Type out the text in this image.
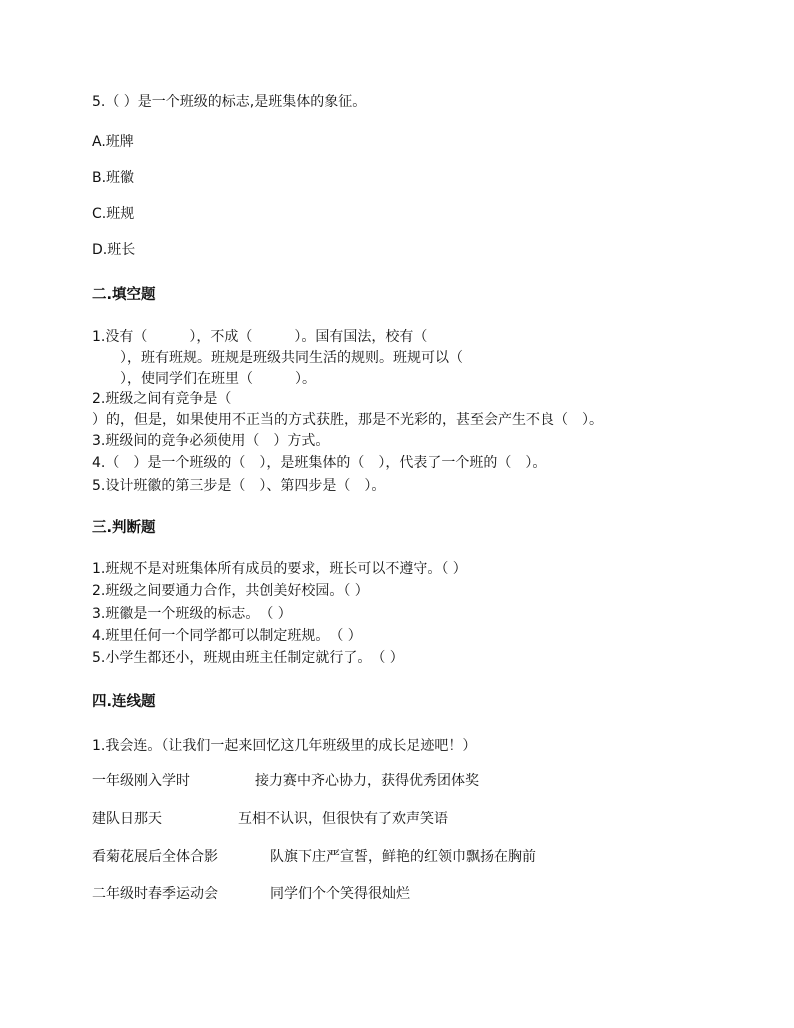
5.（ ）是一个班级的标志,是班集体的象征。
A.班牌
B.班徽
C.班规
D.班长
二.填空题
1.没有（　　　），不成（　　　）。国有国法，校有（
　　），班有班规。班规是班级共同生活的规则。班规可以（
　　），使同学们在班里（　　　）。
2.班级之间有竞争是（
）的，但是，如果使用不正当的方式获胜，那是不光彩的，甚至会产生不良（　）。
3.班级间的竞争必须使用（　）方式。
4.（　）是一个班级的（　），是班集体的（　），代表了一个班的（　）。
5.设计班徽的第三步是（　）、第四步是（　）。
三.判断题
1.班规不是对班集体所有成员的要求，班长可以不遵守。（ ）
2.班级之间要通力合作，共创美好校园。（ ）
3.班徽是一个班级的标志。　（ ）
4.班里任何一个同学都可以制定班规。　（ ）
5.小学生都还小，班规由班主任制定就行了。　（ ）
四.连线题
1.我会连。（让我们一起来回忆这几年班级里的成长足迹吧！）
一年级刚入学时	接力赛中齐心协力，获得优秀团体奖
建队日那天	互相不认识，但很快有了欢声笑语
看菊花展后全体合影	队旗下庄严宣誓，鲜艳的红领巾飘扬在胸前
二年级时春季运动会	同学们个个笑得很灿烂
